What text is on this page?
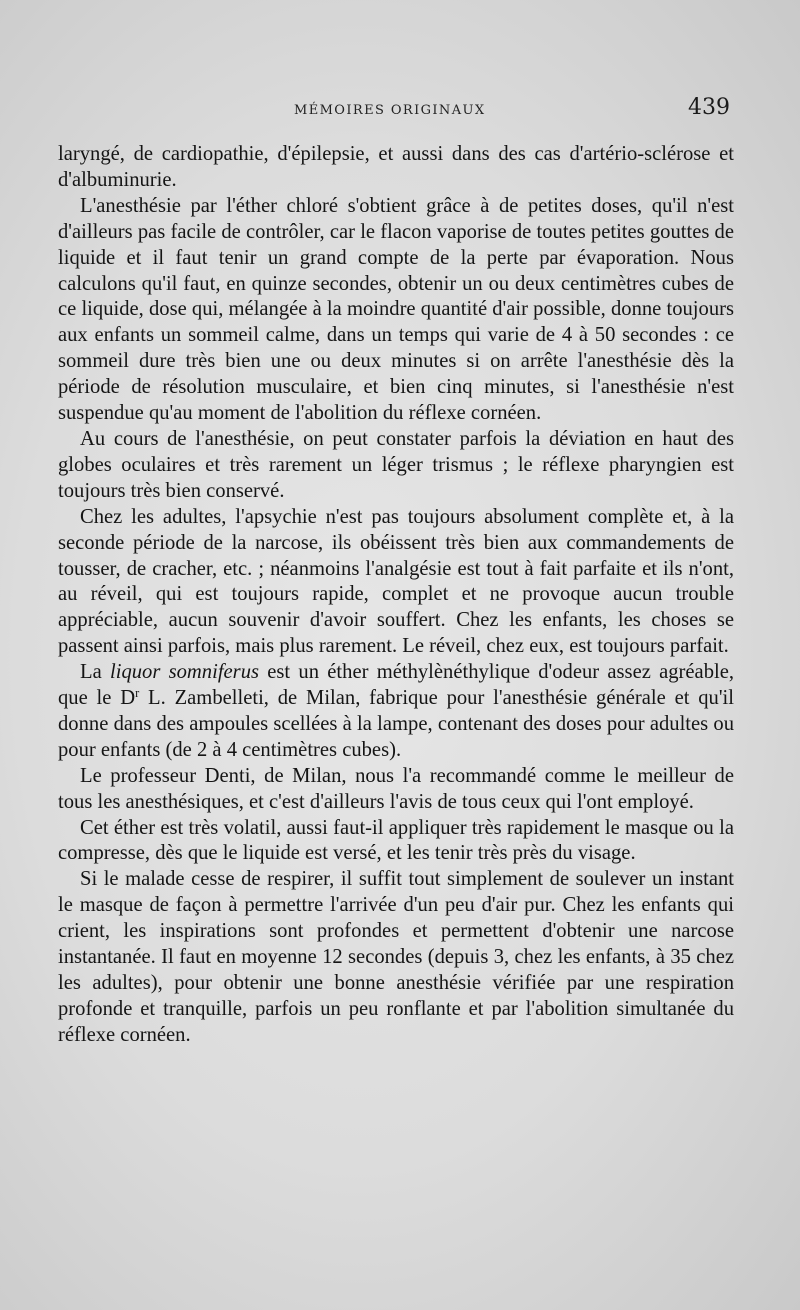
MÉMOIRES ORIGINAUX	439

laryngé, de cardiopathie, d'épilepsie, et aussi dans des cas d'artério-sclérose et d'albuminurie.

L'anesthésie par l'éther chloré s'obtient grâce à de petites doses, qu'il n'est d'ailleurs pas facile de contrôler, car le flacon vaporise de toutes petites gouttes de liquide et il faut tenir un grand compte de la perte par évaporation. Nous calculons qu'il faut, en quinze secondes, obtenir un ou deux centimètres cubes de ce liquide, dose qui, mélangée à la moindre quantité d'air possible, donne toujours aux enfants un sommeil calme, dans un temps qui varie de 4 à 50 secondes : ce sommeil dure très bien une ou deux minutes si on arrête l'anesthésie dès la période de résolution musculaire, et bien cinq minutes, si l'anesthésie n'est suspendue qu'au moment de l'abolition du réflexe cornéen.

Au cours de l'anesthésie, on peut constater parfois la déviation en haut des globes oculaires et très rarement un léger trismus ; le réflexe pharyngien est toujours très bien conservé.

Chez les adultes, l'apsychie n'est pas toujours absolument complète et, à la seconde période de la narcose, ils obéissent très bien aux commandements de tousser, de cracher, etc. ; néanmoins l'analgésie est tout à fait parfaite et ils n'ont, au réveil, qui est toujours rapide, complet et ne provoque aucun trouble appréciable, aucun souvenir d'avoir souffert. Chez les enfants, les choses se passent ainsi parfois, mais plus rarement. Le réveil, chez eux, est toujours parfait.

La liquor somniferus est un éther méthylènéthylique d'odeur assez agréable, que le $D^r$ L. Zambelleti, de Milan, fabrique pour l'anesthésie générale et qu'il donne dans des ampoules scellées à la lampe, contenant des doses pour adultes ou pour enfants (de 2 à 4 centimètres cubes).

Le professeur Denti, de Milan, nous l'a recommandé comme le meilleur de tous les anesthésiques, et c'est d'ailleurs l'avis de tous ceux qui l'ont employé.

Cet éther est très volatil, aussi faut-il appliquer très rapidement le masque ou la compresse, dès que le liquide est versé, et les tenir très près du visage.

Si le malade cesse de respirer, il suffit tout simplement de soulever un instant le masque de façon à permettre l'arrivée d'un peu d'air pur. Chez les enfants qui crient, les inspirations sont profondes et permettent d'obtenir une narcose instantanée. Il faut en moyenne 12 secondes (depuis 3, chez les enfants, à 35 chez les adultes), pour obtenir une bonne anesthésie vérifiée par une respiration profonde et tranquille, parfois un peu ronflante et par l'abolition simultanée du réflexe cornéen.
